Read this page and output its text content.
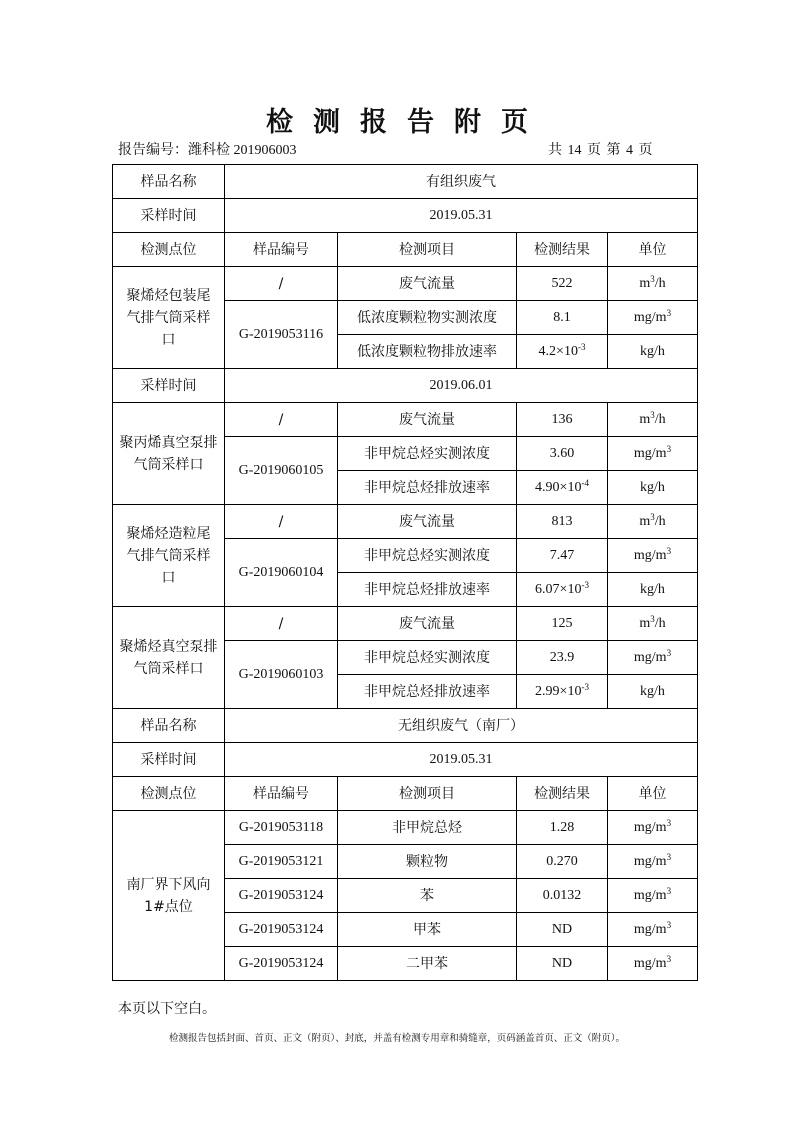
检测报告附页
报告编号：潍科检 201906003	共 14 页 第 4 页
样品名称	有组织废气			
采样时间	2019.05.31			
检测点位	样品编号	检测项目	检测结果	单位

聚烯烃包装尾气排气筒采样口	/	废气流量	522	$m^3/h$
	G-2019053116	低浓度颗粒物实测浓度	8.1	$mg/m^3$
		低浓度颗粒物排放速率	$4.2\times 10^{-3}$	kg/h
采样时间	2019.06.01			

聚丙烯真空泵排气筒采样口	/	废气流量	136	$m^3/h$
	G-2019060105	非甲烷总烃实测浓度	3.60	$mg/m^3$
		非甲烷总烃排放速率	$4.90\times 10^{-4}$	kg/h

聚烯烃造粒尾气排气筒采样口	/	废气流量	813	$m^3/h$
	G-2019060104	非甲烷总烃实测浓度	7.47	$mg/m^3$
		非甲烷总烃排放速率	$6.07\times 10^{-3}$	kg/h

聚烯烃真空泵排气筒采样口	/	废气流量	125	$m^3/h$
	G-2019060103	非甲烷总烃实测浓度	23.9	$mg/m^3$
		非甲烷总烃排放速率	$2.99\times 10^{-3}$	kg/h
样品名称	无组织废气（南厂）			
采样时间	2019.05.31			
检测点位	样品编号	检测项目	检测结果	单位

南厂界下风向1#点位	G-2019053118	非甲烷总烃	1.28	$mg/m^3$
	G-2019053121	颗粒物	0.270	$mg/m^3$
	G-2019053124	苯	0.0132	$mg/m^3$
	G-2019053124	甲苯	ND	$mg/m^3$
	G-2019053124	二甲苯	ND	$mg/m^3$
本页以下空白。
检测报告包括封面、首页、正文（附页）、封底，并盖有检测专用章和骑缝章，页码涵盖首页、正文（附页）。
